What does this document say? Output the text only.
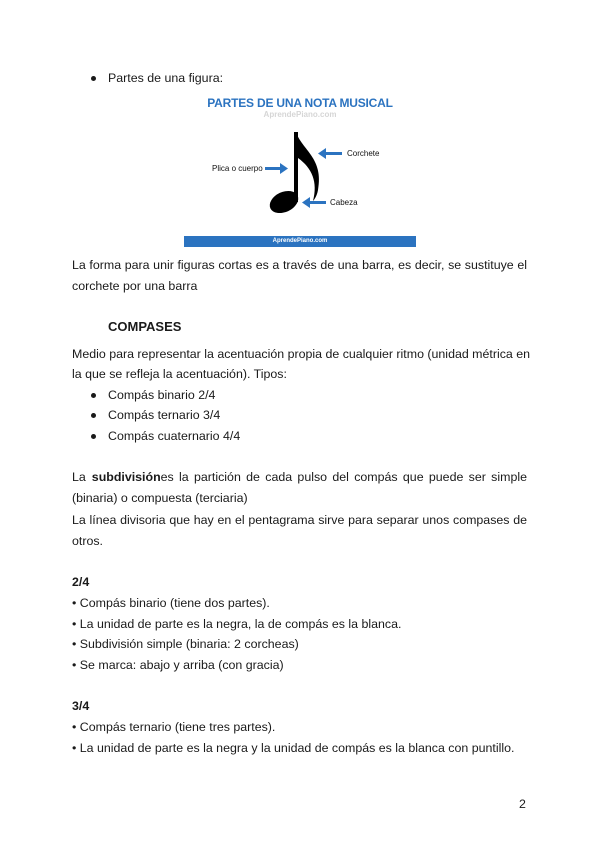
Partes de una figura:
PARTES DE UNA NOTA MUSICAL
AprendePiano.com
Plica o cuerpo
Corchete
Cabeza
AprendePiano.com
La forma para unir figuras cortas es a través de una barra, es decir, se sustituye el
corchete por una barra
COMPASES
Medio para representar la acentuación propia de cualquier ritmo (unidad métrica en
la que se refleja la acentuación). Tipos:
Compás binario 2/4
Compás ternario 3/4
Compás cuaternario 4/4
La subdivisión es la partición de cada pulso del compás que puede ser simple
(binaria) o compuesta (terciaria)
La línea divisoria que hay en el pentagrama sirve para separar unos compases de
otros.
2/4
• Compás binario (tiene dos partes).
• La unidad de parte es la negra, la de compás es la blanca.
• Subdivisión simple (binaria: 2 corcheas)
• Se marca: abajo y arriba (con gracia)
3/4
• Compás ternario (tiene tres partes).
• La unidad de parte es la negra y la unidad de compás es la blanca con puntillo.
2
